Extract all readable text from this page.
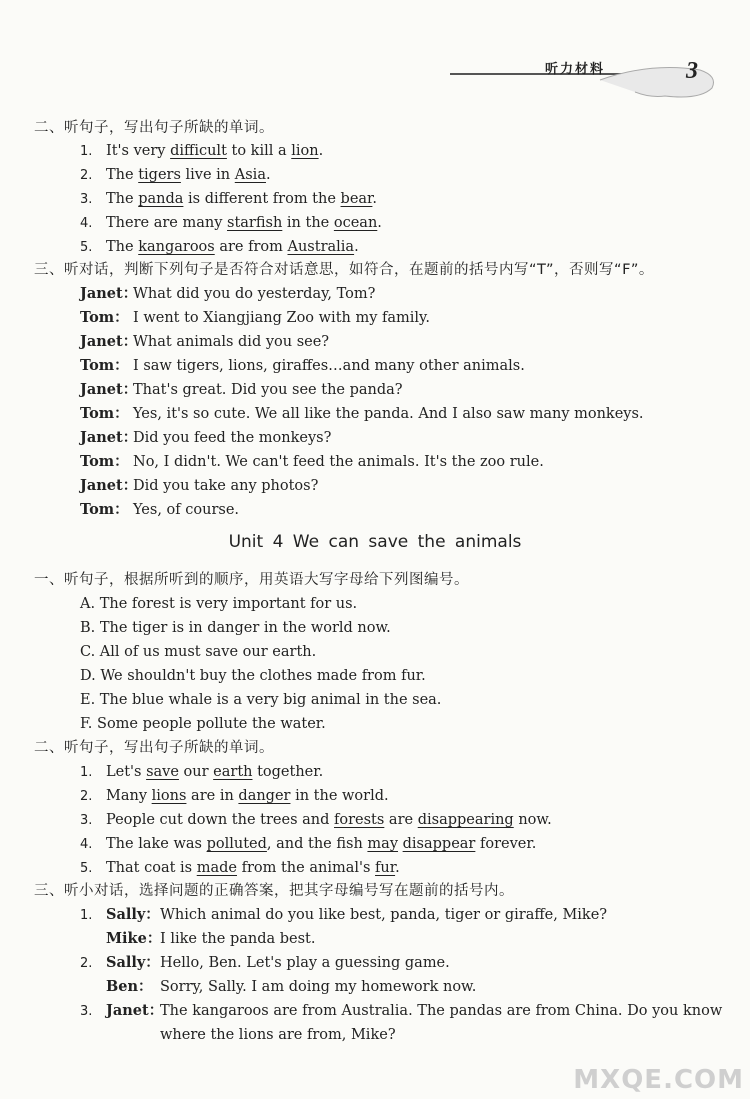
听力材料	3
二、听句子，写出句子所缺的单词。
1. It's very difficult to kill a lion.
2. The tigers live in Asia.
3. The panda is different from the bear.
4. There are many starfish in the ocean.
5. The kangaroos are from Australia.
三、听对话，判断下列句子是否符合对话意思，如符合，在题前的括号内写“T”，否则写“F”。
Janet：What did you do yesterday, Tom?
Tom： I went to Xiangjiang Zoo with my family.
Janet：What animals did you see?
Tom： I saw tigers, lions, giraffes…and many other animals.
Janet：That's great. Did you see the panda?
Tom： Yes, it's so cute. We all like the panda. And I also saw many monkeys.
Janet：Did you feed the monkeys?
Tom： No, I didn't. We can't feed the animals. It's the zoo rule.
Janet：Did you take any photos?
Tom： Yes, of course.
Unit 4 We can save the animals
一、听句子，根据所听到的顺序，用英语大写字母给下列图编号。
A. The forest is very important for us.
B. The tiger is in danger in the world now.
C. All of us must save our earth.
D. We shouldn't buy the clothes made from fur.
E. The blue whale is a very big animal in the sea.
F. Some people pollute the water.
二、听句子，写出句子所缺的单词。
1. Let's save our earth together.
2. Many lions are in danger in the world.
3. People cut down the trees and forests are disappearing now.
4. The lake was polluted, and the fish may disappear forever.
5. That coat is made from the animal's fur.
三、听小对话，选择问题的正确答案，把其字母编号写在题前的括号内。
1. Sally：Which animal do you like best, panda, tiger or giraffe, Mike?
Mike：I like the panda best.
2. Sally：Hello, Ben. Let's play a guessing game.
Ben： Sorry, Sally. I am doing my homework now.
3. Janet：The kangaroos are from Australia. The pandas are from China. Do you know
where the lions are from, Mike?
MXQE.COM
